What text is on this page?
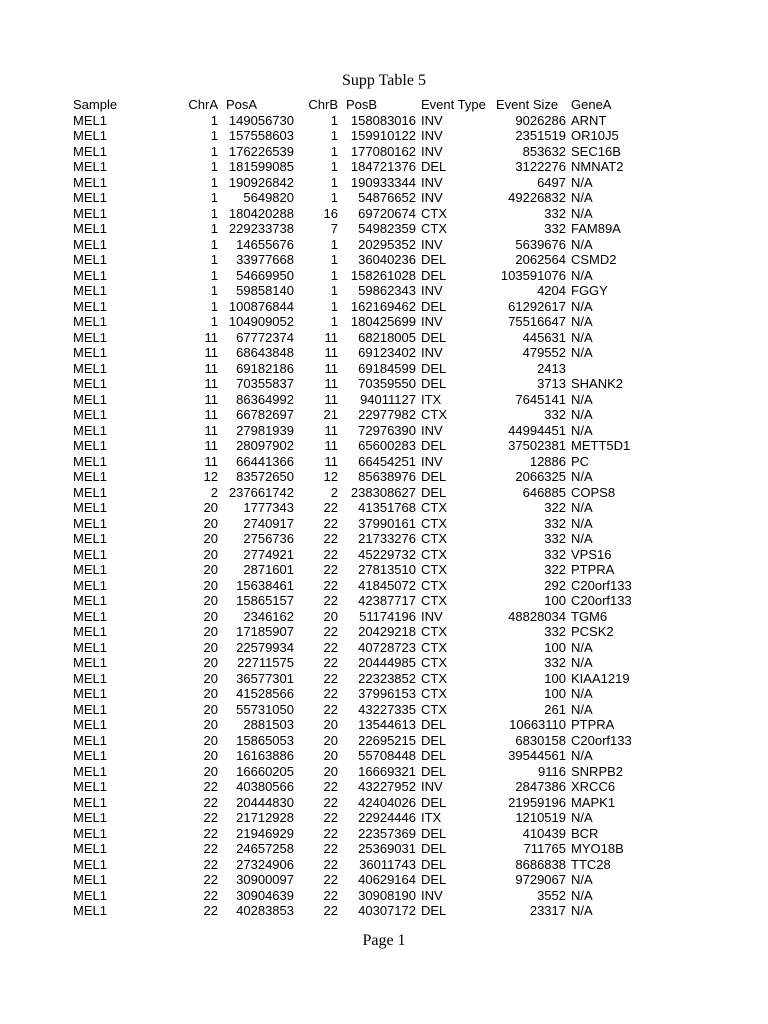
Supp Table 5
Sample	ChrA	PosA	ChrB	PosB	Event Type	Event Size	GeneA
MEL1	1	149056730	1	158083016	INV	9026286	ARNT
MEL1	1	157558603	1	159910122	INV	2351519	OR10J5
MEL1	1	176226539	1	177080162	INV	853632	SEC16B
MEL1	1	181599085	1	184721376	DEL	3122276	NMNAT2
MEL1	1	190926842	1	190933344	INV	6497	N/A
MEL1	1	5649820	1	54876652	INV	49226832	N/A
MEL1	1	180420288	16	69720674	CTX	332	N/A
MEL1	1	229233738	7	54982359	CTX	332	FAM89A
MEL1	1	14655676	1	20295352	INV	5639676	N/A
MEL1	1	33977668	1	36040236	DEL	2062564	CSMD2
MEL1	1	54669950	1	158261028	DEL	103591076	N/A
MEL1	1	59858140	1	59862343	INV	4204	FGGY
MEL1	1	100876844	1	162169462	DEL	61292617	N/A
MEL1	1	104909052	1	180425699	INV	75516647	N/A
MEL1	11	67772374	11	68218005	DEL	445631	N/A
MEL1	11	68643848	11	69123402	INV	479552	N/A
MEL1	11	69182186	11	69184599	DEL	2413	
MEL1	11	70355837	11	70359550	DEL	3713	SHANK2
MEL1	11	86364992	11	94011127	ITX	7645141	N/A
MEL1	11	66782697	21	22977982	CTX	332	N/A
MEL1	11	27981939	11	72976390	INV	44994451	N/A
MEL1	11	28097902	11	65600283	DEL	37502381	METT5D1
MEL1	11	66441366	11	66454251	INV	12886	PC
MEL1	12	83572650	12	85638976	DEL	2066325	N/A
MEL1	2	237661742	2	238308627	DEL	646885	COPS8
MEL1	20	1777343	22	41351768	CTX	322	N/A
MEL1	20	2740917	22	37990161	CTX	332	N/A
MEL1	20	2756736	22	21733276	CTX	332	N/A
MEL1	20	2774921	22	45229732	CTX	332	VPS16
MEL1	20	2871601	22	27813510	CTX	322	PTPRA
MEL1	20	15638461	22	41845072	CTX	292	C20orf133
MEL1	20	15865157	22	42387717	CTX	100	C20orf133
MEL1	20	2346162	20	51174196	INV	48828034	TGM6
MEL1	20	17185907	22	20429218	CTX	332	PCSK2
MEL1	20	22579934	22	40728723	CTX	100	N/A
MEL1	20	22711575	22	20444985	CTX	332	N/A
MEL1	20	36577301	22	22323852	CTX	100	KIAA1219
MEL1	20	41528566	22	37996153	CTX	100	N/A
MEL1	20	55731050	22	43227335	CTX	261	N/A
MEL1	20	2881503	20	13544613	DEL	10663110	PTPRA
MEL1	20	15865053	20	22695215	DEL	6830158	C20orf133
MEL1	20	16163886	20	55708448	DEL	39544561	N/A
MEL1	20	16660205	20	16669321	DEL	9116	SNRPB2
MEL1	22	40380566	22	43227952	INV	2847386	XRCC6
MEL1	22	20444830	22	42404026	DEL	21959196	MAPK1
MEL1	22	21712928	22	22924446	ITX	1210519	N/A
MEL1	22	21946929	22	22357369	DEL	410439	BCR
MEL1	22	24657258	22	25369031	DEL	711765	MYO18B
MEL1	22	27324906	22	36011743	DEL	8686838	TTC28
MEL1	22	30900097	22	40629164	DEL	9729067	N/A
MEL1	22	30904639	22	30908190	INV	3552	N/A
MEL1	22	40283853	22	40307172	DEL	23317	N/A
Page 1
